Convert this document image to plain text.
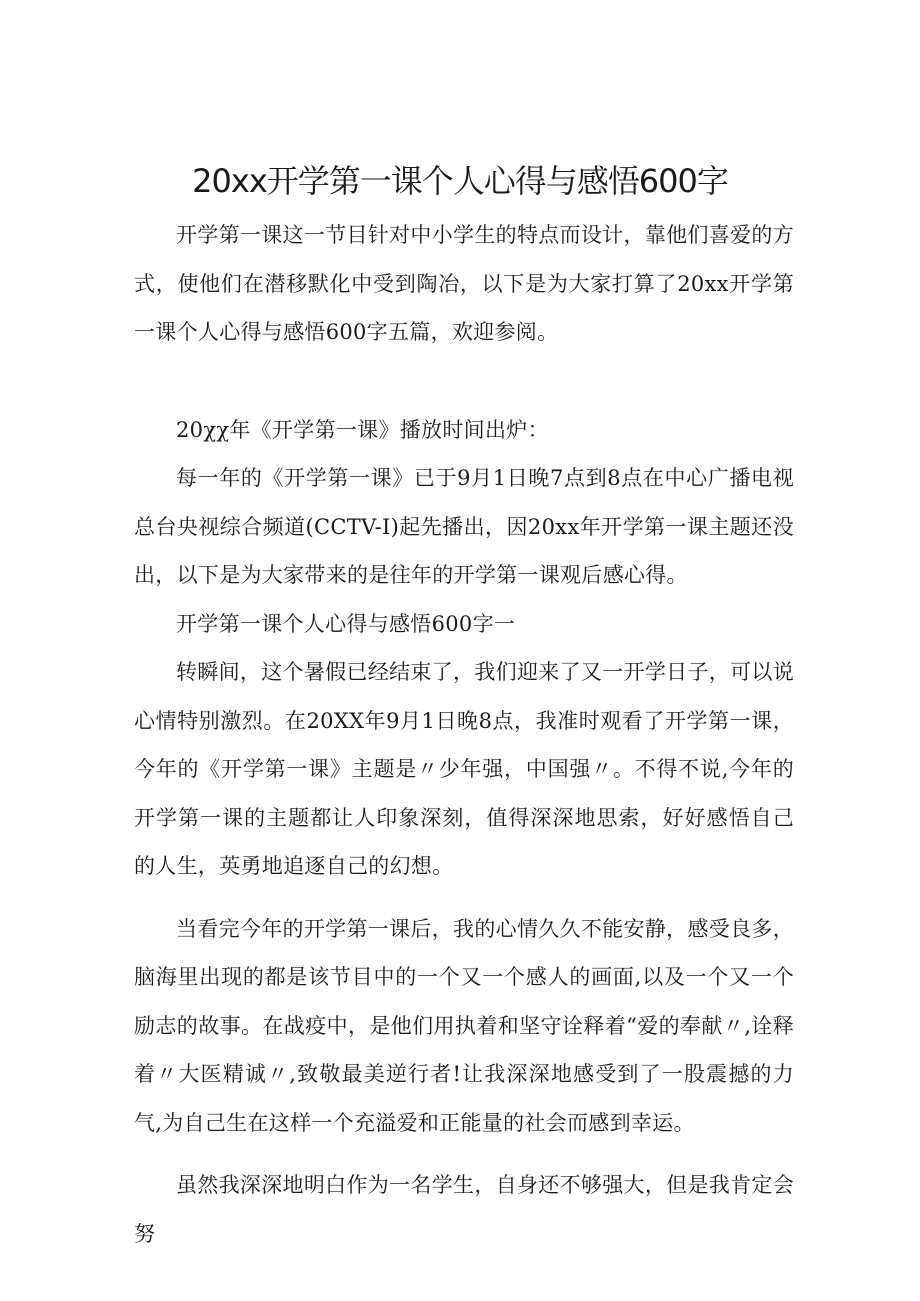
20xx开学第一课个人心得与感悟600字

开学第一课这一节目针对中小学生的特点而设计，靠他们喜爱的方式，使他们在潜移默化中受到陶冶，以下是为大家打算了20xx开学第一课个人心得与感悟600字五篇，欢迎参阅。

20χχ年《开学第一课》播放时间出炉：

每一年的《开学第一课》已于9月1日晚7点到8点在中心广播电视总台央视综合频道(CCTV-I)起先播出，因20xx年开学第一课主题还没出，以下是为大家带来的是往年的开学第一课观后感心得。

开学第一课个人心得与感悟600字一

转瞬间，这个暑假已经结束了，我们迎来了又一开学日子，可以说心情特别激烈。在20XX年9月1日晚8点，我准时观看了开学第一课，今年的《开学第一课》主题是〃少年强，中国强〃。不得不说,今年的开学第一课的主题都让人印象深刻，值得深深地思索，好好感悟自己的人生，英勇地追逐自己的幻想。

当看完今年的开学第一课后，我的心情久久不能安静，感受良多，脑海里出现的都是该节目中的一个又一个感人的画面,以及一个又一个励志的故事。在战疫中，是他们用执着和坚守诠释着“爱的奉献〃,诠释着〃大医精诚〃,致敬最美逆行者!让我深深地感受到了一股震撼的力气,为自己生在这样一个充溢爱和正能量的社会而感到幸运。

虽然我深深地明白作为一名学生，自身还不够强大，但是我肯定会努
